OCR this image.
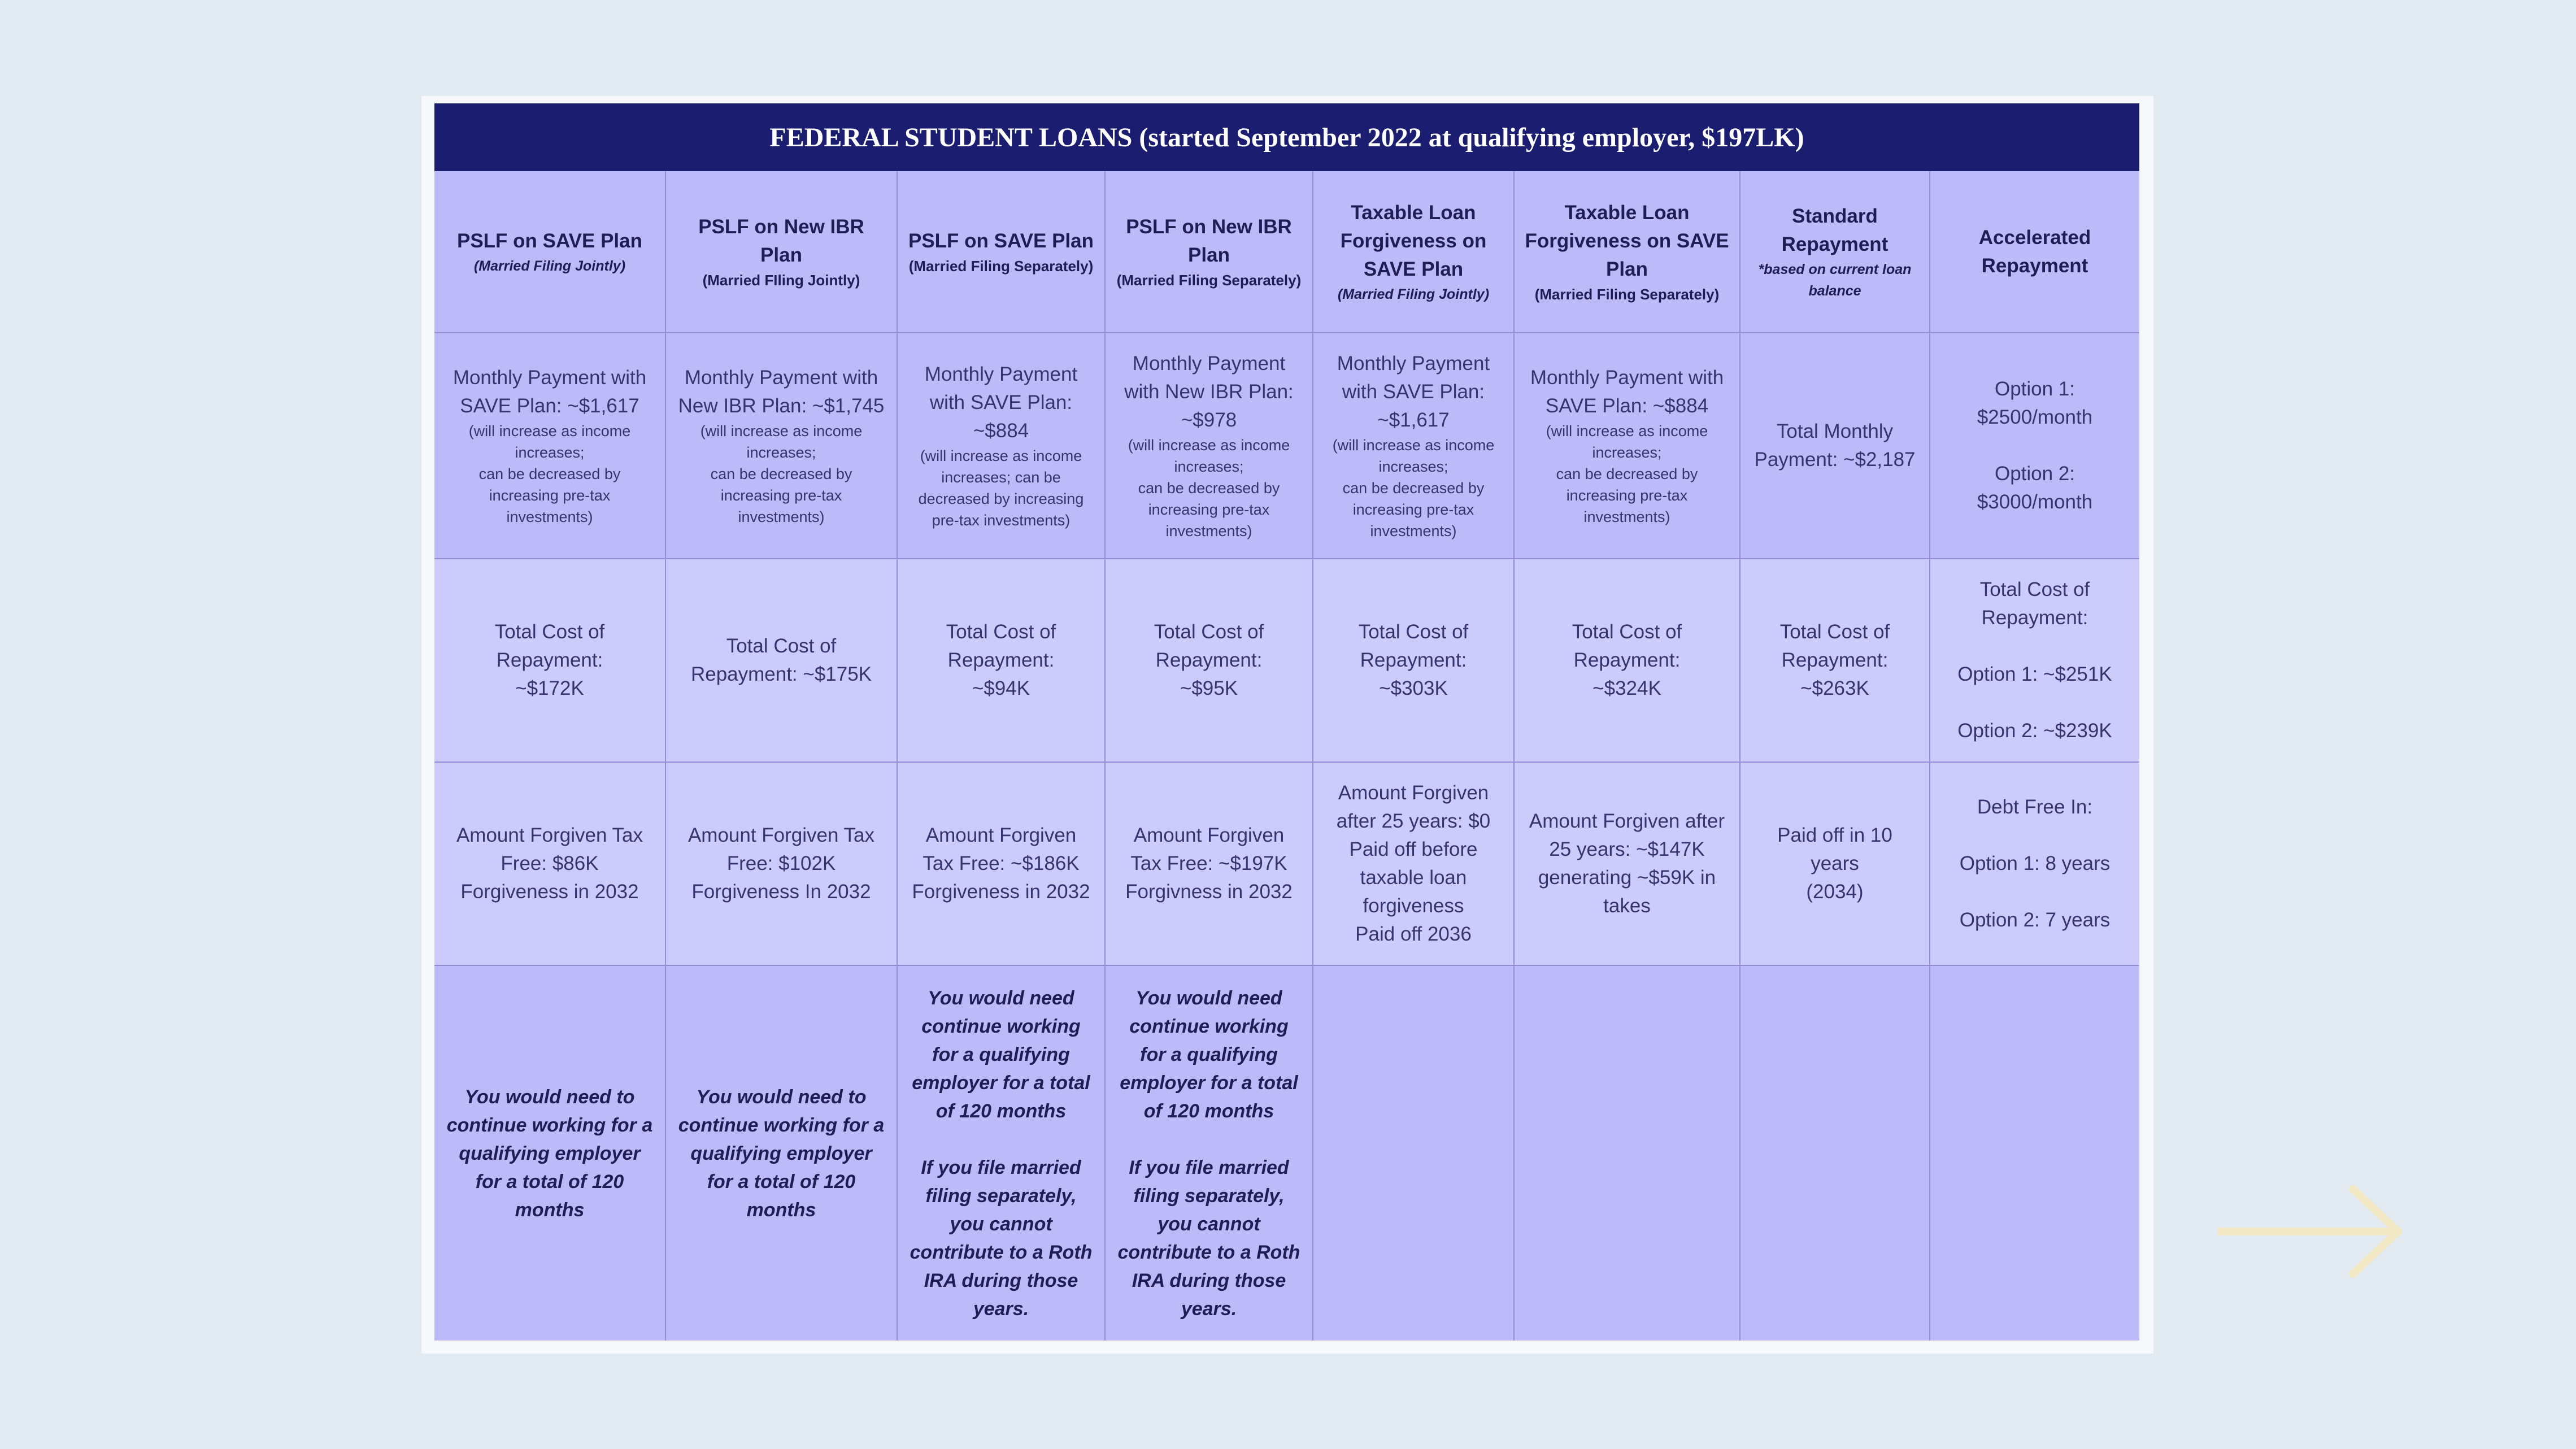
FEDERAL STUDENT LOANS (started September 2022 at qualifying employer, $197LK)
PSLF on SAVE Plan
(Married Filing Jointly)
PSLF on New IBR Plan
(Married FIling Jointly)
PSLF on SAVE Plan
(Married Filing Separately)
PSLF on New IBR Plan
(Married Filing Separately)
Taxable Loan Forgiveness on SAVE Plan
(Married Filing Jointly)
Taxable Loan Forgiveness on SAVE Plan
(Married Filing Separately)
Standard Repayment
*based on current loan balance
Accelerated Repayment
Monthly Payment with SAVE Plan: ~$1,617
(will increase as income increases;
can be decreased by increasing pre-tax investments)
Monthly Payment with New IBR Plan: ~$1,745
(will increase as income increases;
can be decreased by increasing pre-tax investments)
Monthly Payment with SAVE Plan: ~$884
(will increase as income increases; can be decreased by increasing pre-tax investments)
Monthly Payment with New IBR Plan: ~$978
(will increase as income increases;
can be decreased by increasing pre-tax investments)
Monthly Payment with SAVE Plan: ~$1,617
(will increase as income increases;
can be decreased by increasing pre-tax investments)
Monthly Payment with SAVE Plan: ~$884
(will increase as income increases;
can be decreased by increasing pre-tax investments)
Total Monthly Payment: ~$2,187
Option 1:
$2500/month

Option 2:
$3000/month
Total Cost of Repayment:
~$172K
Total Cost of Repayment: ~$175K
Total Cost of Repayment:
~$94K
Total Cost of Repayment:
~$95K
Total Cost of Repayment:
~$303K
Total Cost of Repayment:
~$324K
Total Cost of Repayment:
~$263K
Total Cost of Repayment:

Option 1: ~$251K

Option 2: ~$239K
Amount Forgiven Tax Free: $86K
Forgiveness in 2032
Amount Forgiven Tax Free: $102K
Forgiveness In 2032
Amount Forgiven Tax Free: ~$186K
Forgiveness in 2032
Amount Forgiven Tax Free: ~$197K
Forgivness in 2032
Amount Forgiven after 25 years: $0
Paid off before taxable loan forgiveness
Paid off 2036
Amount Forgiven after 25 years: ~$147K generating ~$59K in takes
Paid off in 10 years
(2034)
Debt Free In:

Option 1: 8 years

Option 2: 7 years
You would need to continue working for a qualifying employer for a total of 120 months
You would need to continue working for a qualifying employer for a total of 120 months
You would need continue working for a qualifying employer for a total of 120 months

If you file married filing separately, you cannot contribute to a Roth IRA during those years.
You would need continue working for a qualifying employer for a total of 120 months

If you file married filing separately, you cannot contribute to a Roth IRA during those years.
